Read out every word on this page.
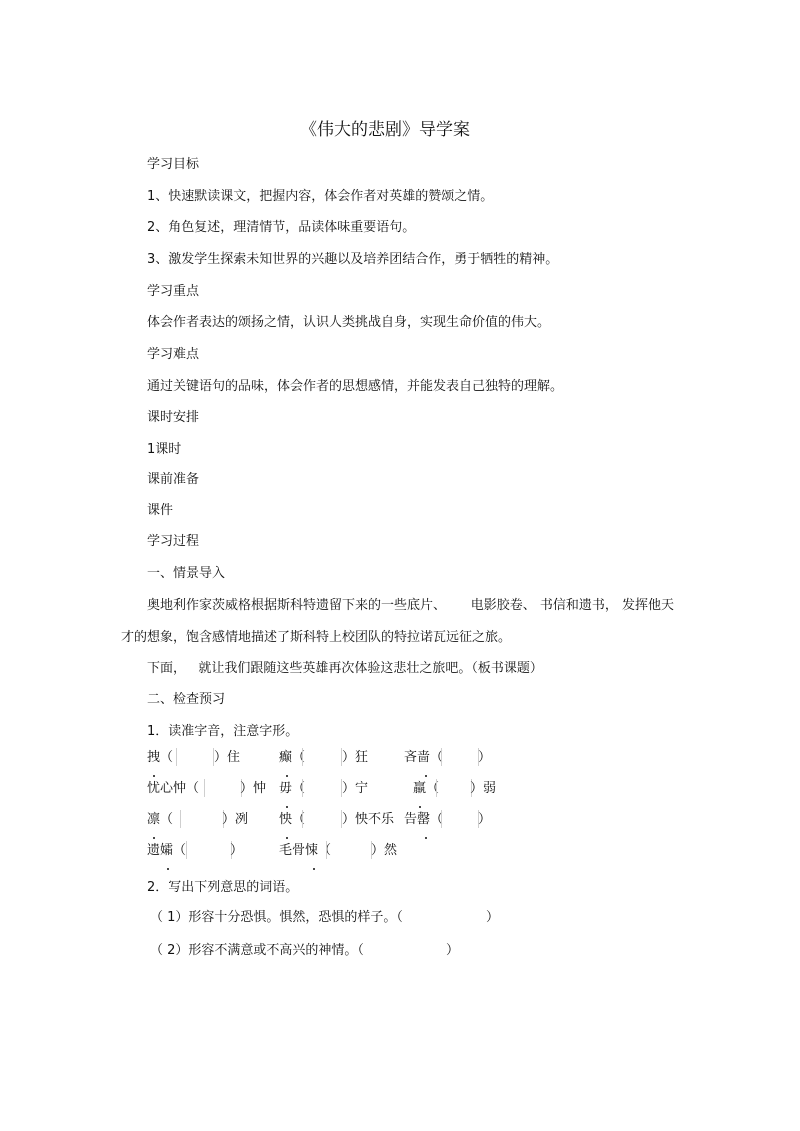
《伟大的悲剧》导学案
学习目标
1、快速默读课文，把握内容，体会作者对英雄的赞颂之情。
2、角色复述，理清情节，品读体味重要语句。
3、激发学生探索未知世界的兴趣以及培养团结合作，勇于牺牲的精神。
学习重点
体会作者表达的颂扬之情，认识人类挑战自身，实现生命价值的伟大。
学习难点
通过关键语句的品味，体会作者的思想感情，并能发表自己独特的理解。
课时安排
1课时
课前准备
课件
学习过程
一、情景导入
奥地利作家茨威格根据斯科特遗留下来的一些底片、      电影胶卷、 书信和遗书， 发挥他天
才的想象，饱含感情地描述了斯科特上校团队的特拉诺瓦远征之旅。
下面，   就让我们跟随这些英雄再次体验这悲壮之旅吧。（板书课题）
二、检查预习
1．读准字音，注意字形。
拽（	）住	癫（	）狂	吝啬（	）
忧心忡（	）忡 毋（	）宁	羸（ ）弱
凛（	）冽 怏（	）怏不乐 告罄（	）
遗孀（	）	毛骨悚（	）然
2．写出下列意思的词语。
（ 1）形容十分恐惧。惧然，恐惧的样子。（	）
（ 2）形容不满意或不高兴的神情。（	）
